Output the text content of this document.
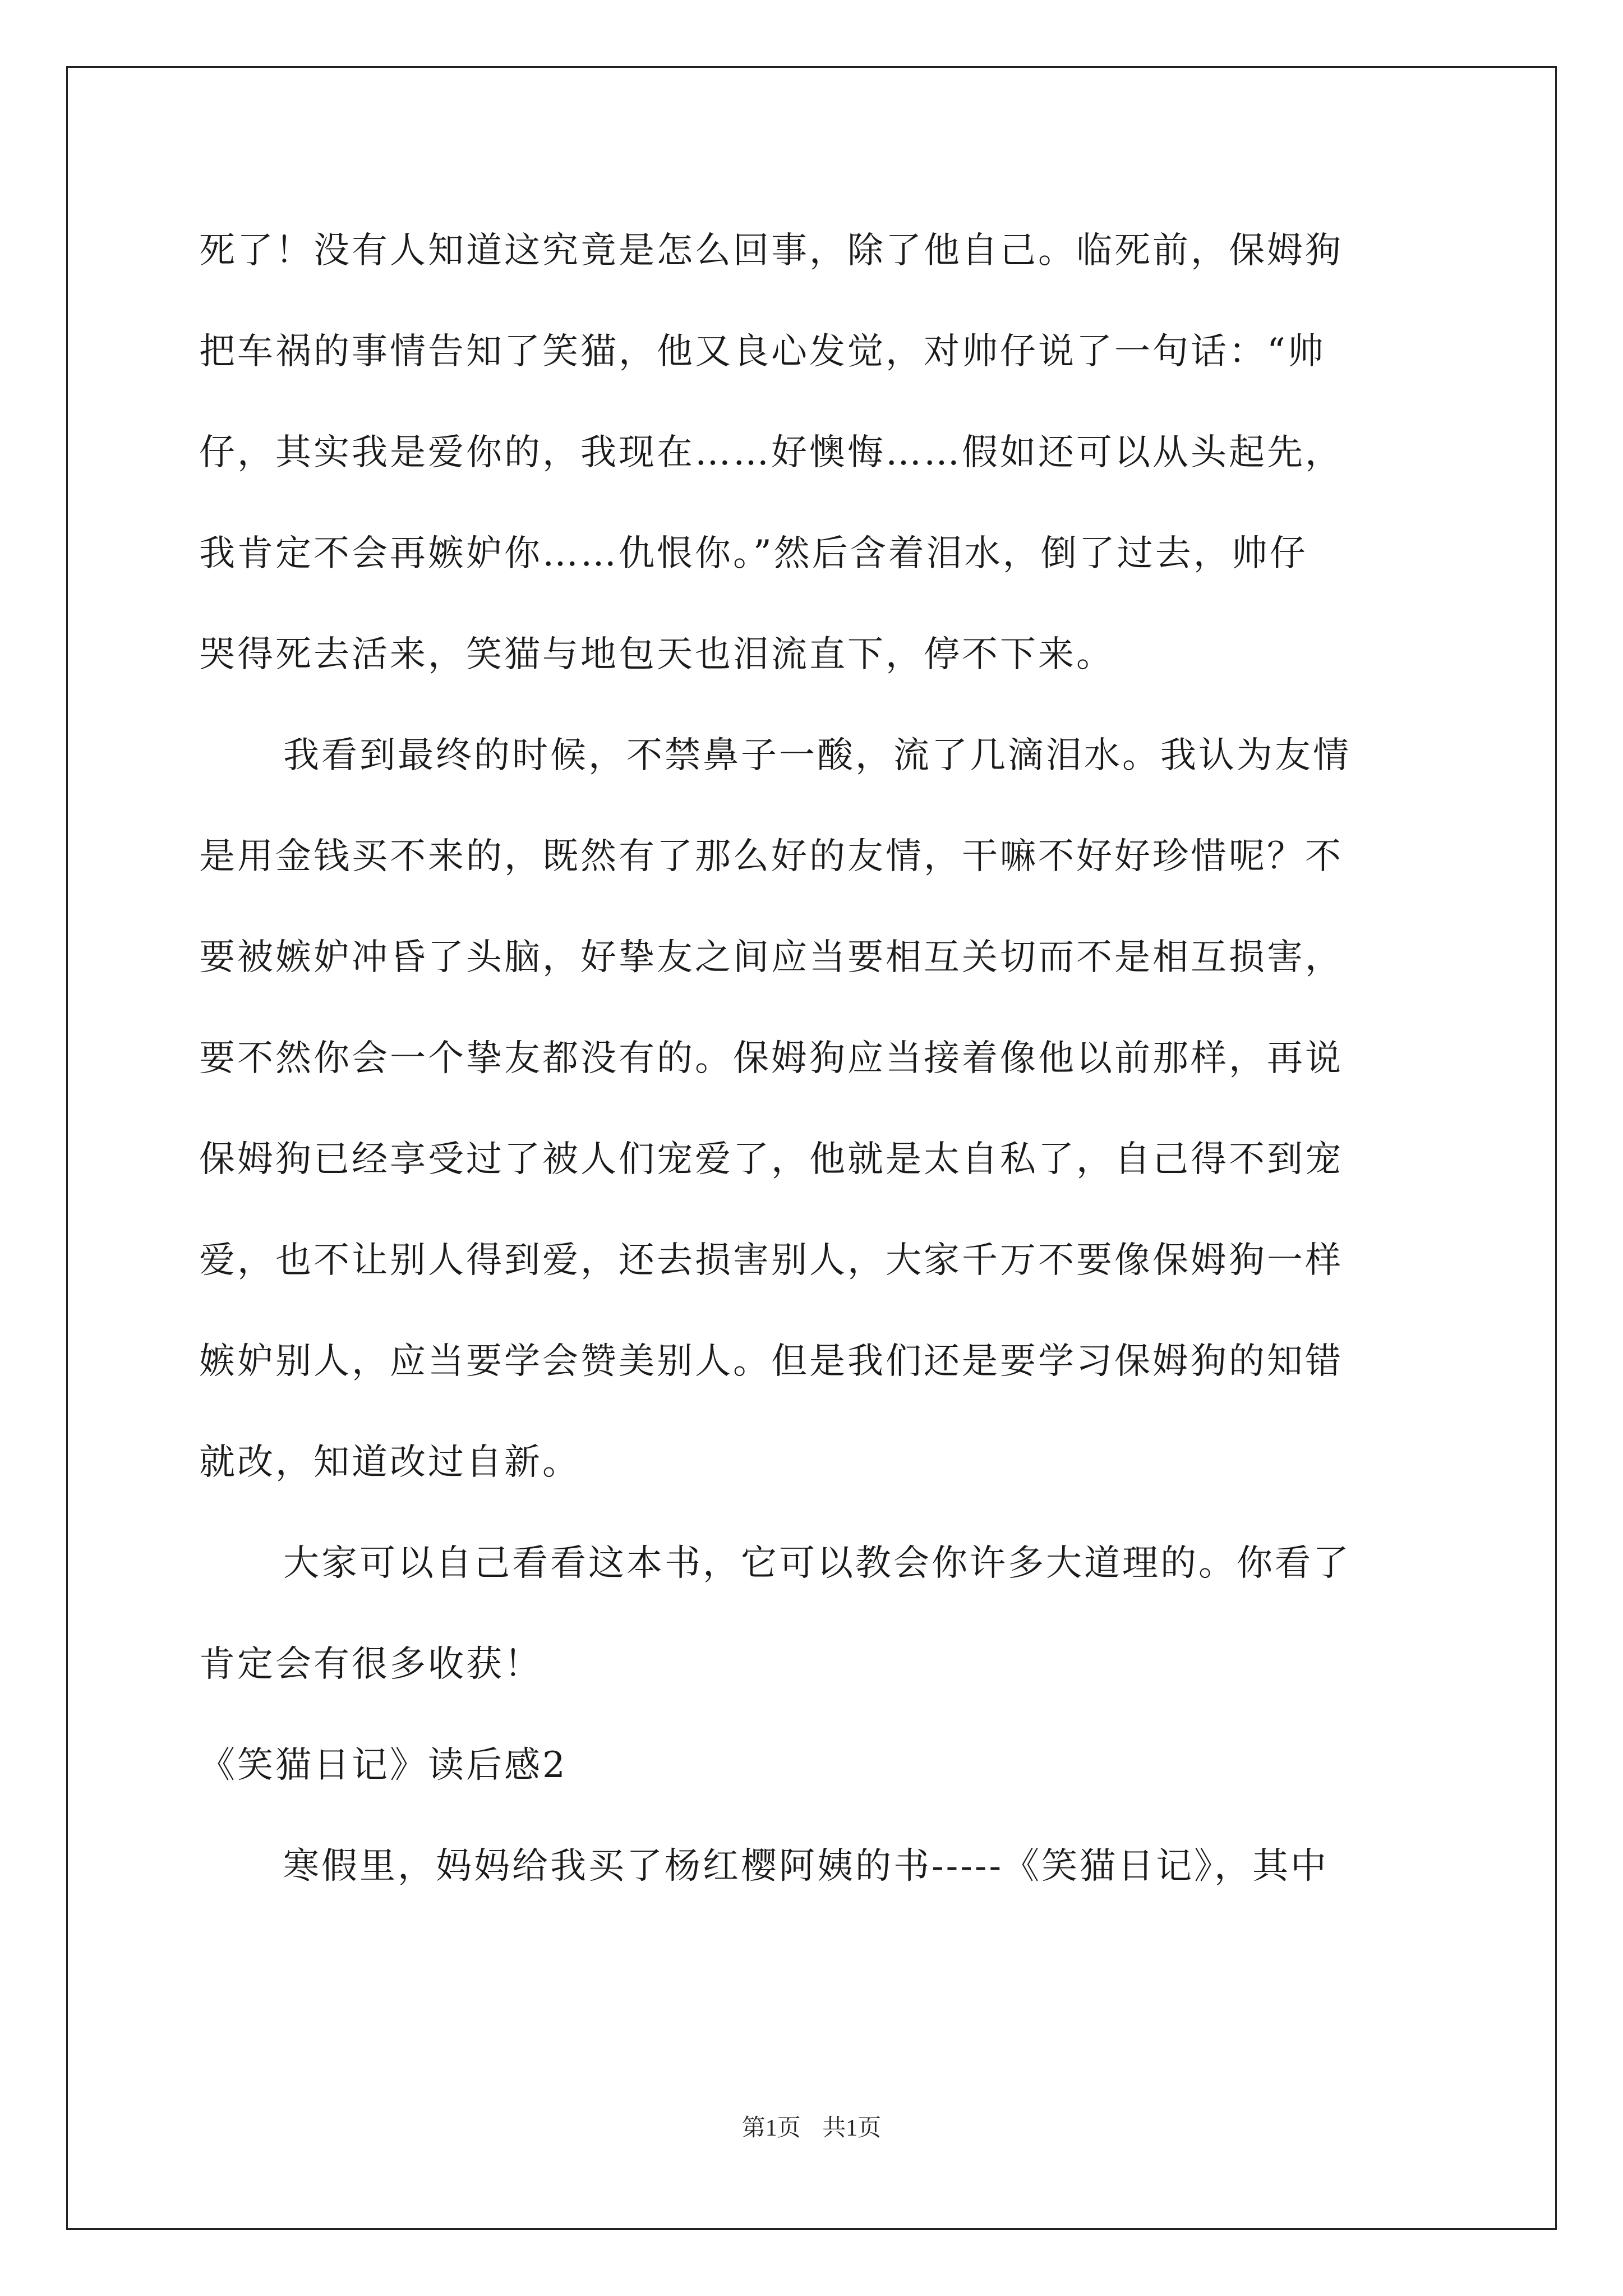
死了！没有人知道这究竟是怎么回事，除了他自己。临死前，保姆狗
把车祸的事情告知了笑猫，他又良心发觉，对帅仔说了一句话：“帅
仔，其实我是爱你的，我现在……好懊悔……假如还可以从头起先，
我肯定不会再嫉妒你……仇恨你。”然后含着泪水，倒了过去，帅仔
哭得死去活来，笑猫与地包天也泪流直下，停不下来。
我看到最终的时候，不禁鼻子一酸，流了几滴泪水。我认为友情
是用金钱买不来的，既然有了那么好的友情，干嘛不好好珍惜呢？不
要被嫉妒冲昏了头脑，好挚友之间应当要相互关切而不是相互损害，
要不然你会一个挚友都没有的。保姆狗应当接着像他以前那样，再说
保姆狗已经享受过了被人们宠爱了，他就是太自私了，自己得不到宠
爱，也不让别人得到爱，还去损害别人，大家千万不要像保姆狗一样
嫉妒别人，应当要学会赞美别人。但是我们还是要学习保姆狗的知错
就改，知道改过自新。
大家可以自己看看这本书，它可以教会你许多大道理的。你看了
肯定会有很多收获！
《笑猫日记》读后感2
寒假里，妈妈给我买了杨红樱阿姨的书-----《笑猫日记》，其中
第1页 共1页
